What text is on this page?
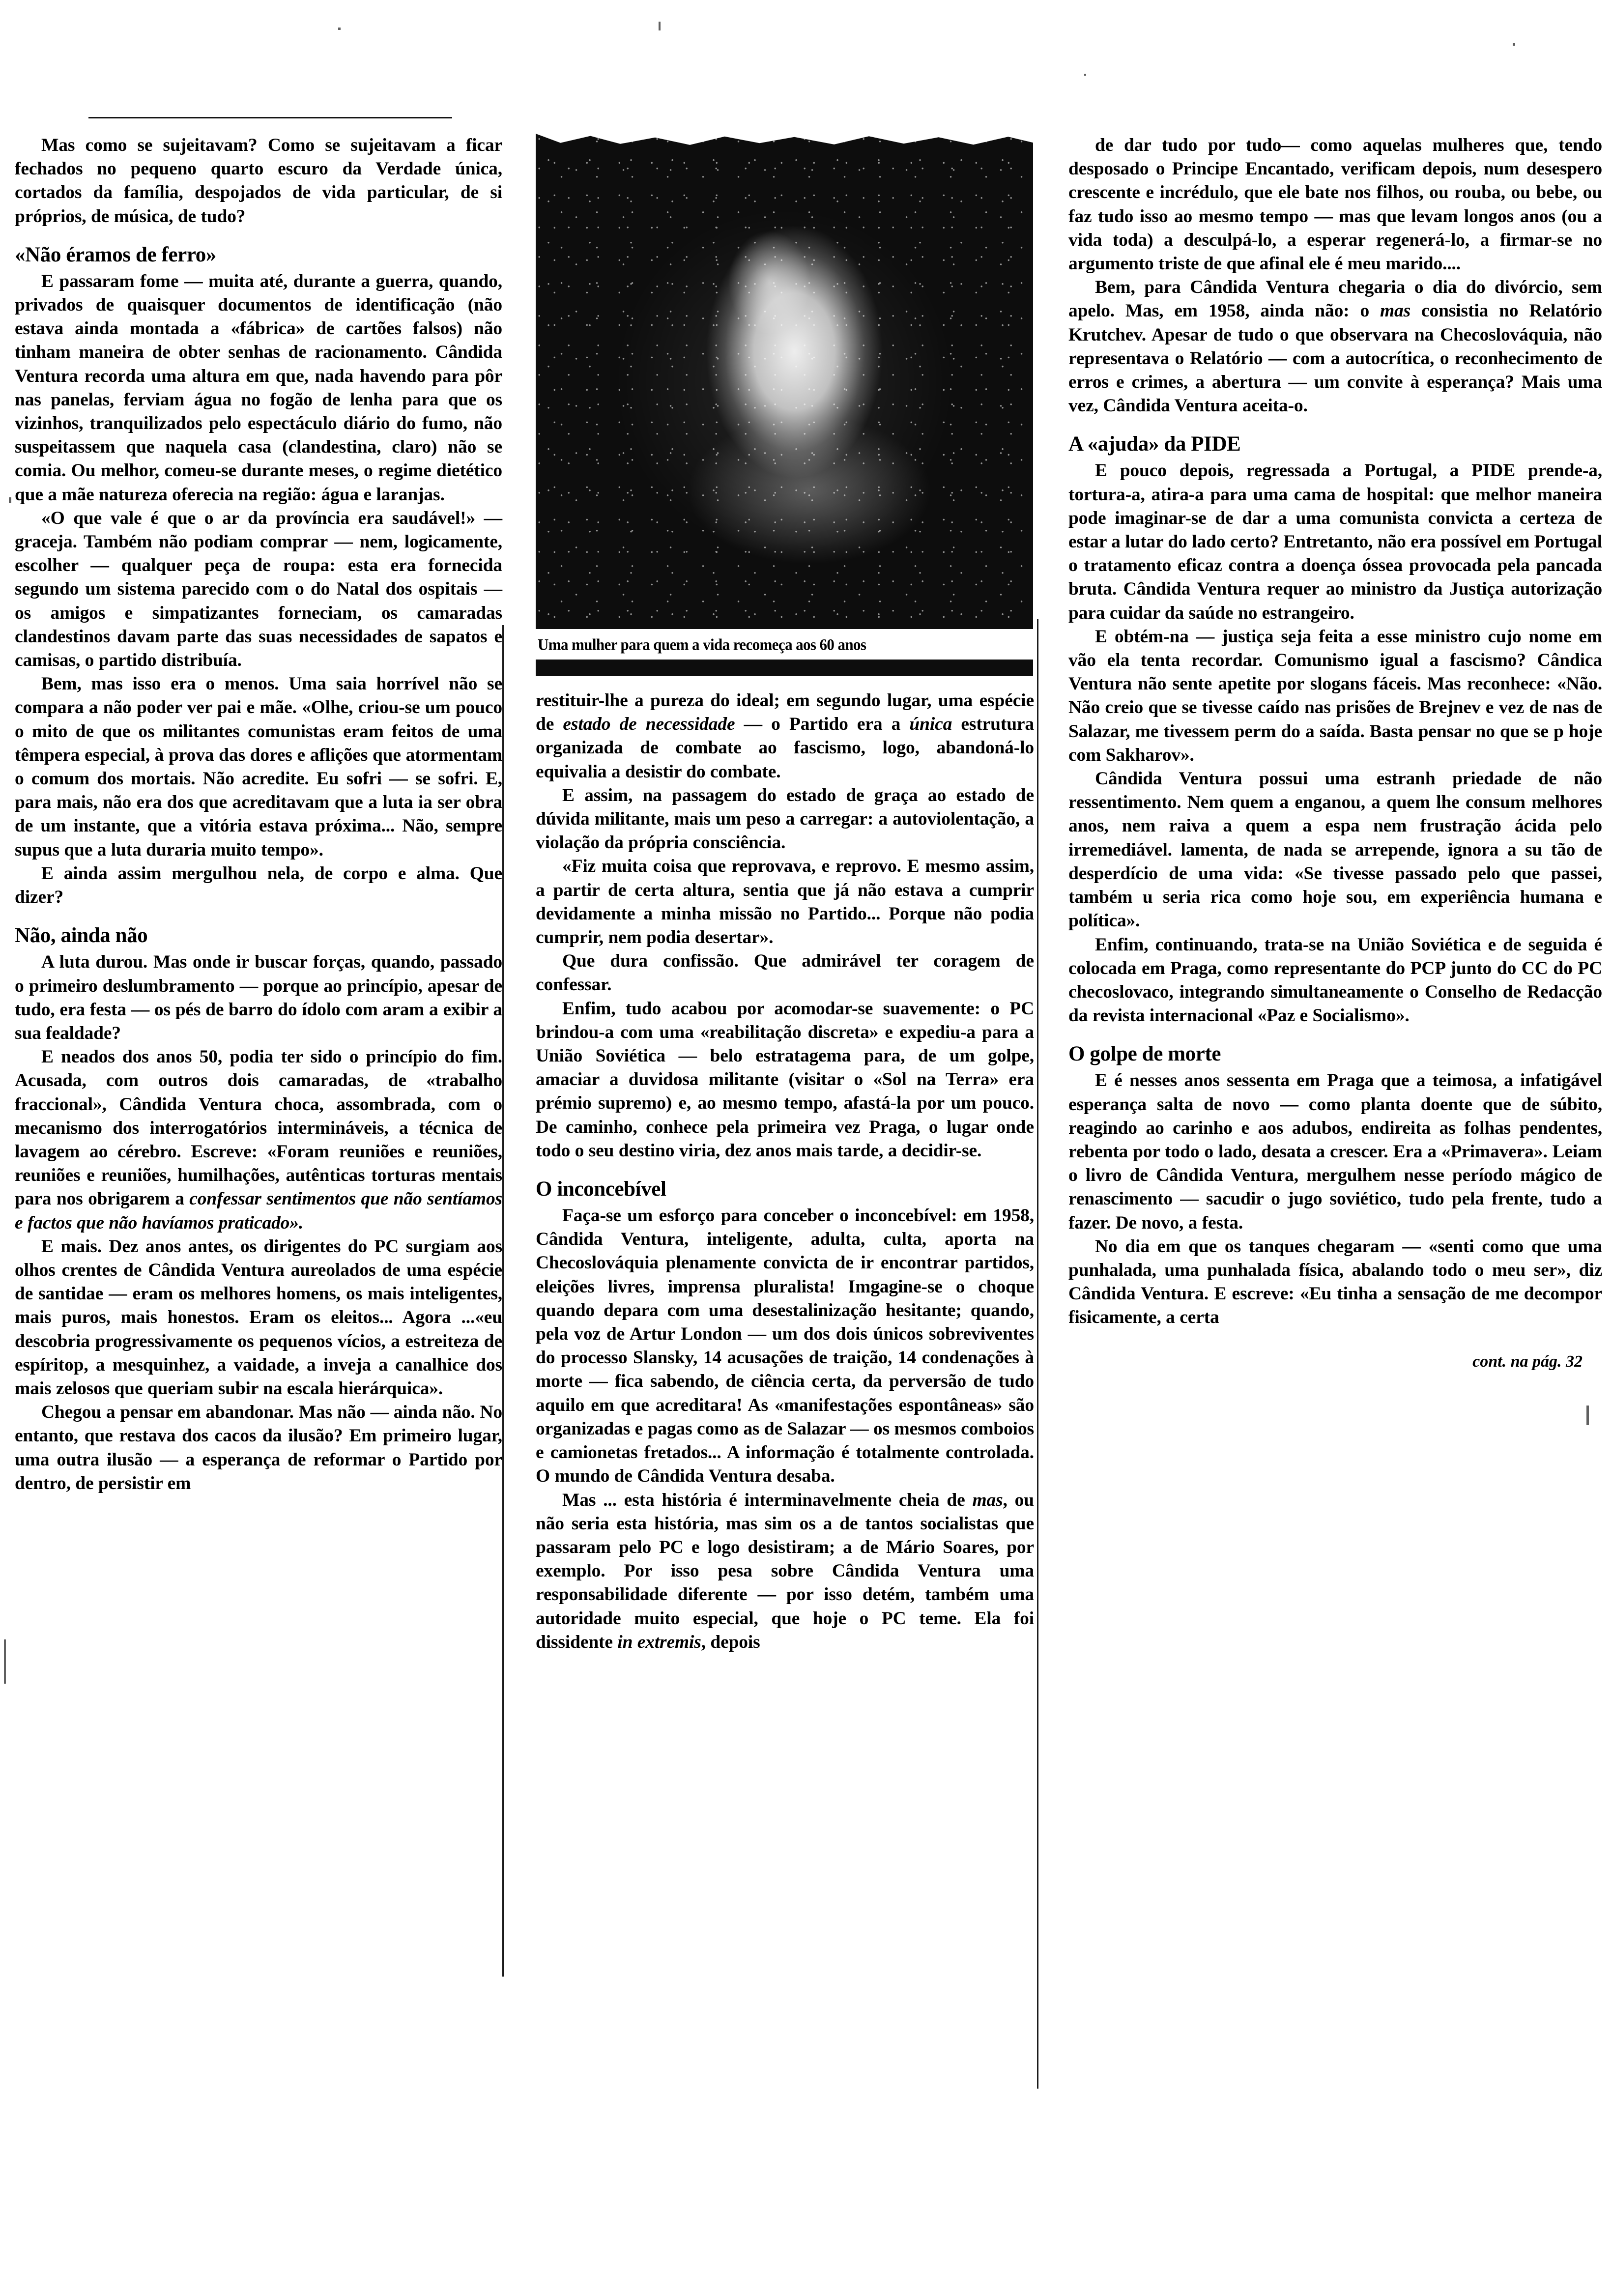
Mas como se sujeitavam? Como se sujeitavam a ficar fechados no pequeno quarto escuro da Verdade única, cortados da família, despojados de vida particular, de si próprios, de música, de tudo?

«Não éramos de ferro»

E passaram fome — muita até, durante a guerra, quando, privados de quaisquer documentos de identificação (não estava ainda montada a «fábrica» de cartões falsos) não tinham maneira de obter senhas de racionamento. Cândida Ventura recorda uma altura em que, nada havendo para pôr nas panelas, ferviam água no fogão de lenha para que os vizinhos, tranquilizados pelo espectáculo diário do fumo, não suspeitassem que naquela casa (clandestina, claro) não se comia. Ou melhor, comeu-se durante meses, o regime dietético que a mãe natureza oferecia na região: água e laranjas.

«O que vale é que o ar da província era saudável!» — graceja. Também não podiam comprar — nem, logicamente, escolher — qualquer peça de roupa: esta era fornecida segundo um sistema parecido com o do Natal dos ospitais — os amigos e simpatizantes forneciam, os camaradas clandestinos davam parte das suas necessidades de sapatos e camisas, o partido distribuía.

Bem, mas isso era o menos. Uma saia horrível não se compara a não poder ver pai e mãe. «Olhe, criou-se um pouco o mito de que os militantes comunistas eram feitos de uma têmpera especial, à prova das dores e aflições que atormentam o comum dos mortais. Não acredite. Eu sofri — se sofri. E, para mais, não era dos que acreditavam que a luta ia ser obra de um instante, que a vitória estava próxima... Não, sempre supus que a luta duraria muito tempo».

E ainda assim mergulhou nela, de corpo e alma. Que dizer?

Não, ainda não

A luta durou. Mas onde ir buscar forças, quando, passado o primeiro deslumbramento — porque ao princípio, apesar de tudo, era festa — os pés de barro do ídolo com aram a exibir a sua fealdade?

E neados dos anos 50, podia ter sido o princípio do fim. Acusada, com outros dois camaradas, de «trabalho fraccional», Cândida Ventura choca, assombrada, com o mecanismo dos interrogatórios intermináveis, a técnica de lavagem ao cérebro. Escreve: «Foram reuniões e reuniões, reuniões e reuniões, humilhações, autênticas torturas mentais para nos obrigarem a confessar sentimentos que não sentíamos e factos que não havíamos praticado».

E mais. Dez anos antes, os dirigentes do PC surgiam aos olhos crentes de Cândida Ventura aureolados de uma espécie de santidae — eram os melhores homens, os mais inteligentes, mais puros, mais honestos. Eram os eleitos... Agora ...«eu descobria progressivamente os pequenos vícios, a estreiteza de espíritop, a mesquinhez, a vaidade, a inveja a canalhice dos mais zelosos que queriam subir na escala hierárquica».

Chegou a pensar em abandonar. Mas não — ainda não. No entanto, que restava dos cacos da ilusão? Em primeiro lugar, uma outra ilusão — a esperança de reformar o Partido por dentro, de persistir em

Uma mulher para quem a vida recomeça aos 60 anos

restituir-lhe a pureza do ideal; em segundo lugar, uma espécie de estado de necessidade — o Partido era a única estrutura organizada de combate ao fascismo, logo, abandoná-lo equivalia a desistir do combate.

E assim, na passagem do estado de graça ao estado de dúvida militante, mais um peso a carregar: a autoviolentação, a violação da própria consciência.

«Fiz muita coisa que reprovava, e reprovo. E mesmo assim, a partir de certa altura, sentia que já não estava a cumprir devidamente a minha missão no Partido... Porque não podia cumprir, nem podia desertar».

Que dura confissão. Que admirável ter coragem de confessar.

Enfim, tudo acabou por acomodar-se suavemente: o PC brindou-a com uma «reabilitação discreta» e expediu-a para a União Soviética — belo estratagema para, de um golpe, amaciar a duvidosa militante (visitar o «Sol na Terra» era prémio supremo) e, ao mesmo tempo, afastá-la por um pouco. De caminho, conhece pela primeira vez Praga, o lugar onde todo o seu destino viria, dez anos mais tarde, a decidir-se.

O inconcebível

Faça-se um esforço para conceber o inconcebível: em 1958, Cândida Ventura, inteligente, adulta, culta, aporta na Checoslováquia plenamente convicta de ir encontrar partidos, eleições livres, imprensa pluralista! Imgagine-se o choque quando depara com uma desestalinização hesitante; quando, pela voz de Artur London — um dos dois únicos sobreviventes do processo Slansky, 14 acusações de traição, 14 condenações à morte — fica sabendo, de ciência certa, da perversão de tudo aquilo em que acreditara! As «manifestações espontâneas» são organizadas e pagas como as de Salazar — os mesmos comboios e camionetas fretados... A informação é totalmente controlada. O mundo de Cândida Ventura desaba.

Mas ... esta história é interminavelmente cheia de mas, ou não seria esta história, mas sim os a de tantos socialistas que passaram pelo PC e logo desistiram; a de Mário Soares, por exemplo. Por isso pesa sobre Cândida Ventura uma responsabilidade diferente — por isso detém, também uma autoridade muito especial, que hoje o PC teme. Ela foi dissidente in extremis, depois

de dar tudo por tudo— como aquelas mulheres que, tendo desposado o Principe Encantado, verificam depois, num desespero crescente e incrédulo, que ele bate nos filhos, ou rouba, ou bebe, ou faz tudo isso ao mesmo tempo — mas que levam longos anos (ou a vida toda) a desculpá-lo, a esperar regenerá-lo, a firmar-se no argumento triste de que afinal ele é meu marido....

Bem, para Cândida Ventura chegaria o dia do divórcio, sem apelo. Mas, em 1958, ainda não: o mas consistia no Relatório Krutchev. Apesar de tudo o que observara na Checoslováquia, não representava o Relatório — com a autocrítica, o reconhecimento de erros e crimes, a abertura — um convite à esperança? Mais uma vez, Cândida Ventura aceita-o.

A «ajuda» da PIDE

E pouco depois, regressada a Portugal, a PIDE prende-a, tortura-a, atira-a para uma cama de hospital: que melhor maneira pode imaginar-se de dar a uma comunista convicta a certeza de estar a lutar do lado certo? Entretanto, não era possível em Portugal o tratamento eficaz contra a doença óssea provocada pela pancada bruta. Cândida Ventura requer ao ministro da Justiça autorização para cuidar da saúde no estrangeiro.

E obtém-na — justiça seja feita a esse ministro cujo nome em vão ela tenta recordar. Comunismo igual a fascismo? Cândica Ventura não sente apetite por slogans fáceis. Mas reconhece: «Não. Não creio que se tivesse caído nas prisões de Brejnev e vez de nas de Salazar, me tivessem perm do a saída. Basta pensar no que se p hoje com Sakharov».

Cândida Ventura possui uma estranh priedade de não ressentimento. Nem quem a enganou, a quem lhe consum melhores anos, nem raiva a quem a espa nem frustração ácida pelo irremediável. lamenta, de nada se arrepende, ignora a su tão de desperdício de uma vida: «Se tivesse passado pelo que passei, também u seria rica como hoje sou, em experiência humana e política».

Enfim, continuando, trata-se na União Soviética e de seguida é colocada em Praga, como representante do PCP junto do CC do PC checoslovaco, integrando simultaneamente o Conselho de Redacção da revista internacional «Paz e Socialismo».

O golpe de morte

E é nesses anos sessenta em Praga que a teimosa, a infatigável esperança salta de novo — como planta doente que de súbito, reagindo ao carinho e aos adubos, endireita as folhas pendentes, rebenta por todo o lado, desata a crescer. Era a «Primavera». Leiam o livro de Cândida Ventura, mergulhem nesse período mágico de renascimento — sacudir o jugo soviético, tudo pela frente, tudo a fazer. De novo, a festa.

No dia em que os tanques chegaram — «senti como que uma punhalada, uma punhalada física, abalando todo o meu ser», diz Cândida Ventura. E escreve: «Eu tinha a sensação de me decompor fisicamente, a certa

cont. na pág. 32
